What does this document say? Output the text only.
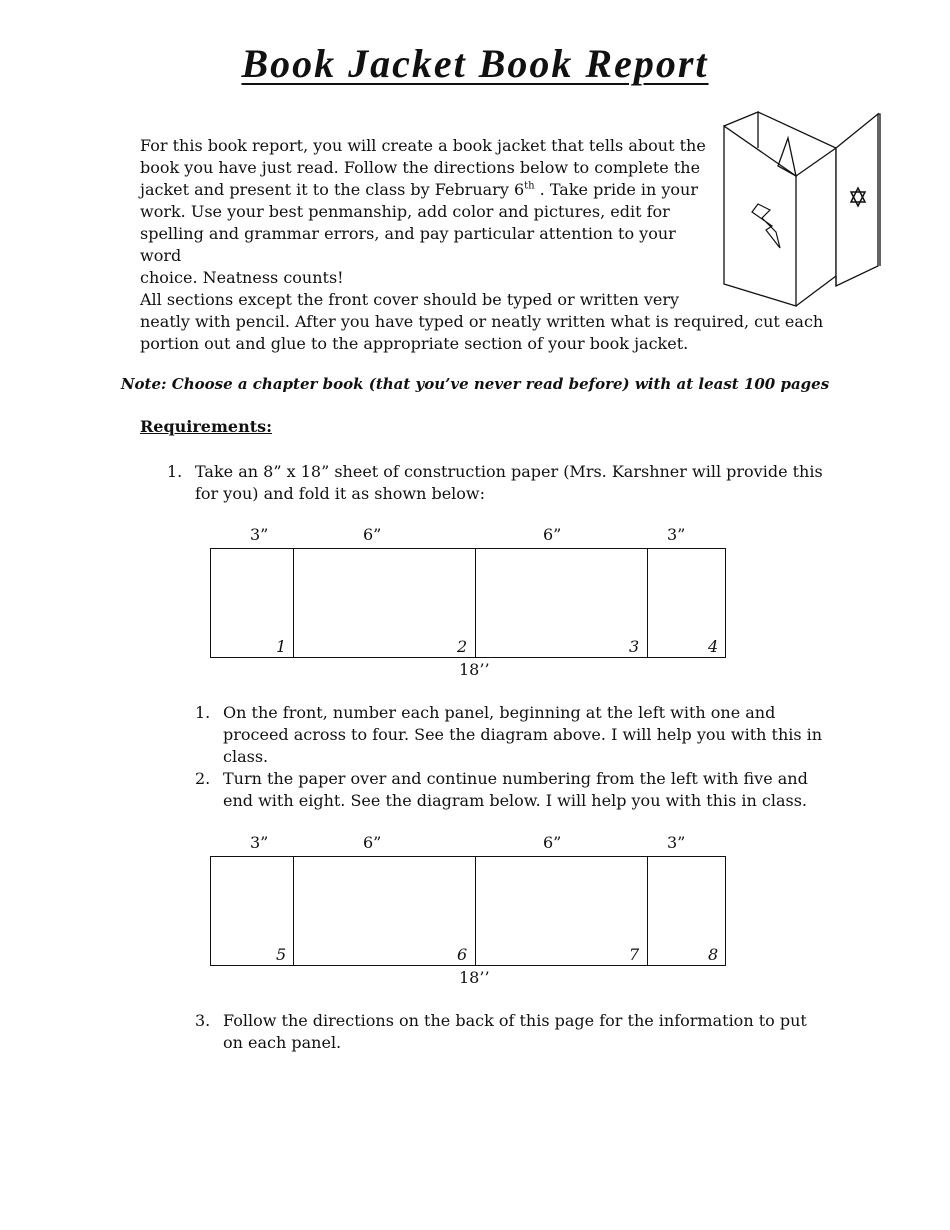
Book Jacket Book Report
For this book report, you will create a book jacket that tells about the
book you have just read. Follow the directions below to complete the
jacket and present it to the class by February 6th . Take pride in your
work. Use your best penmanship, add color and pictures, edit for
spelling and grammar errors, and pay particular attention to your word
choice. Neatness counts!
All sections except the front cover should be typed or written very
neatly with pencil. After you have typed or neatly written what is required, cut each
portion out and glue to the appropriate section of your book jacket.
Note: Choose a chapter book (that you’ve never read before) with at least 100 pages
Requirements:
1. Take an 8” x 18” sheet of construction paper (Mrs. Karshner will provide this
for you) and fold it as shown below:
3”	6”	6”	3”
1	2	3	4
18’’
1. On the front, number each panel, beginning at the left with one and
proceed across to four. See the diagram above. I will help you with this in
class.
2. Turn the paper over and continue numbering from the left with five and
end with eight. See the diagram below. I will help you with this in class.
3”	6”	6”	3”
5	6	7	8
18’’
3. Follow the directions on the back of this page for the information to put
on each panel.
